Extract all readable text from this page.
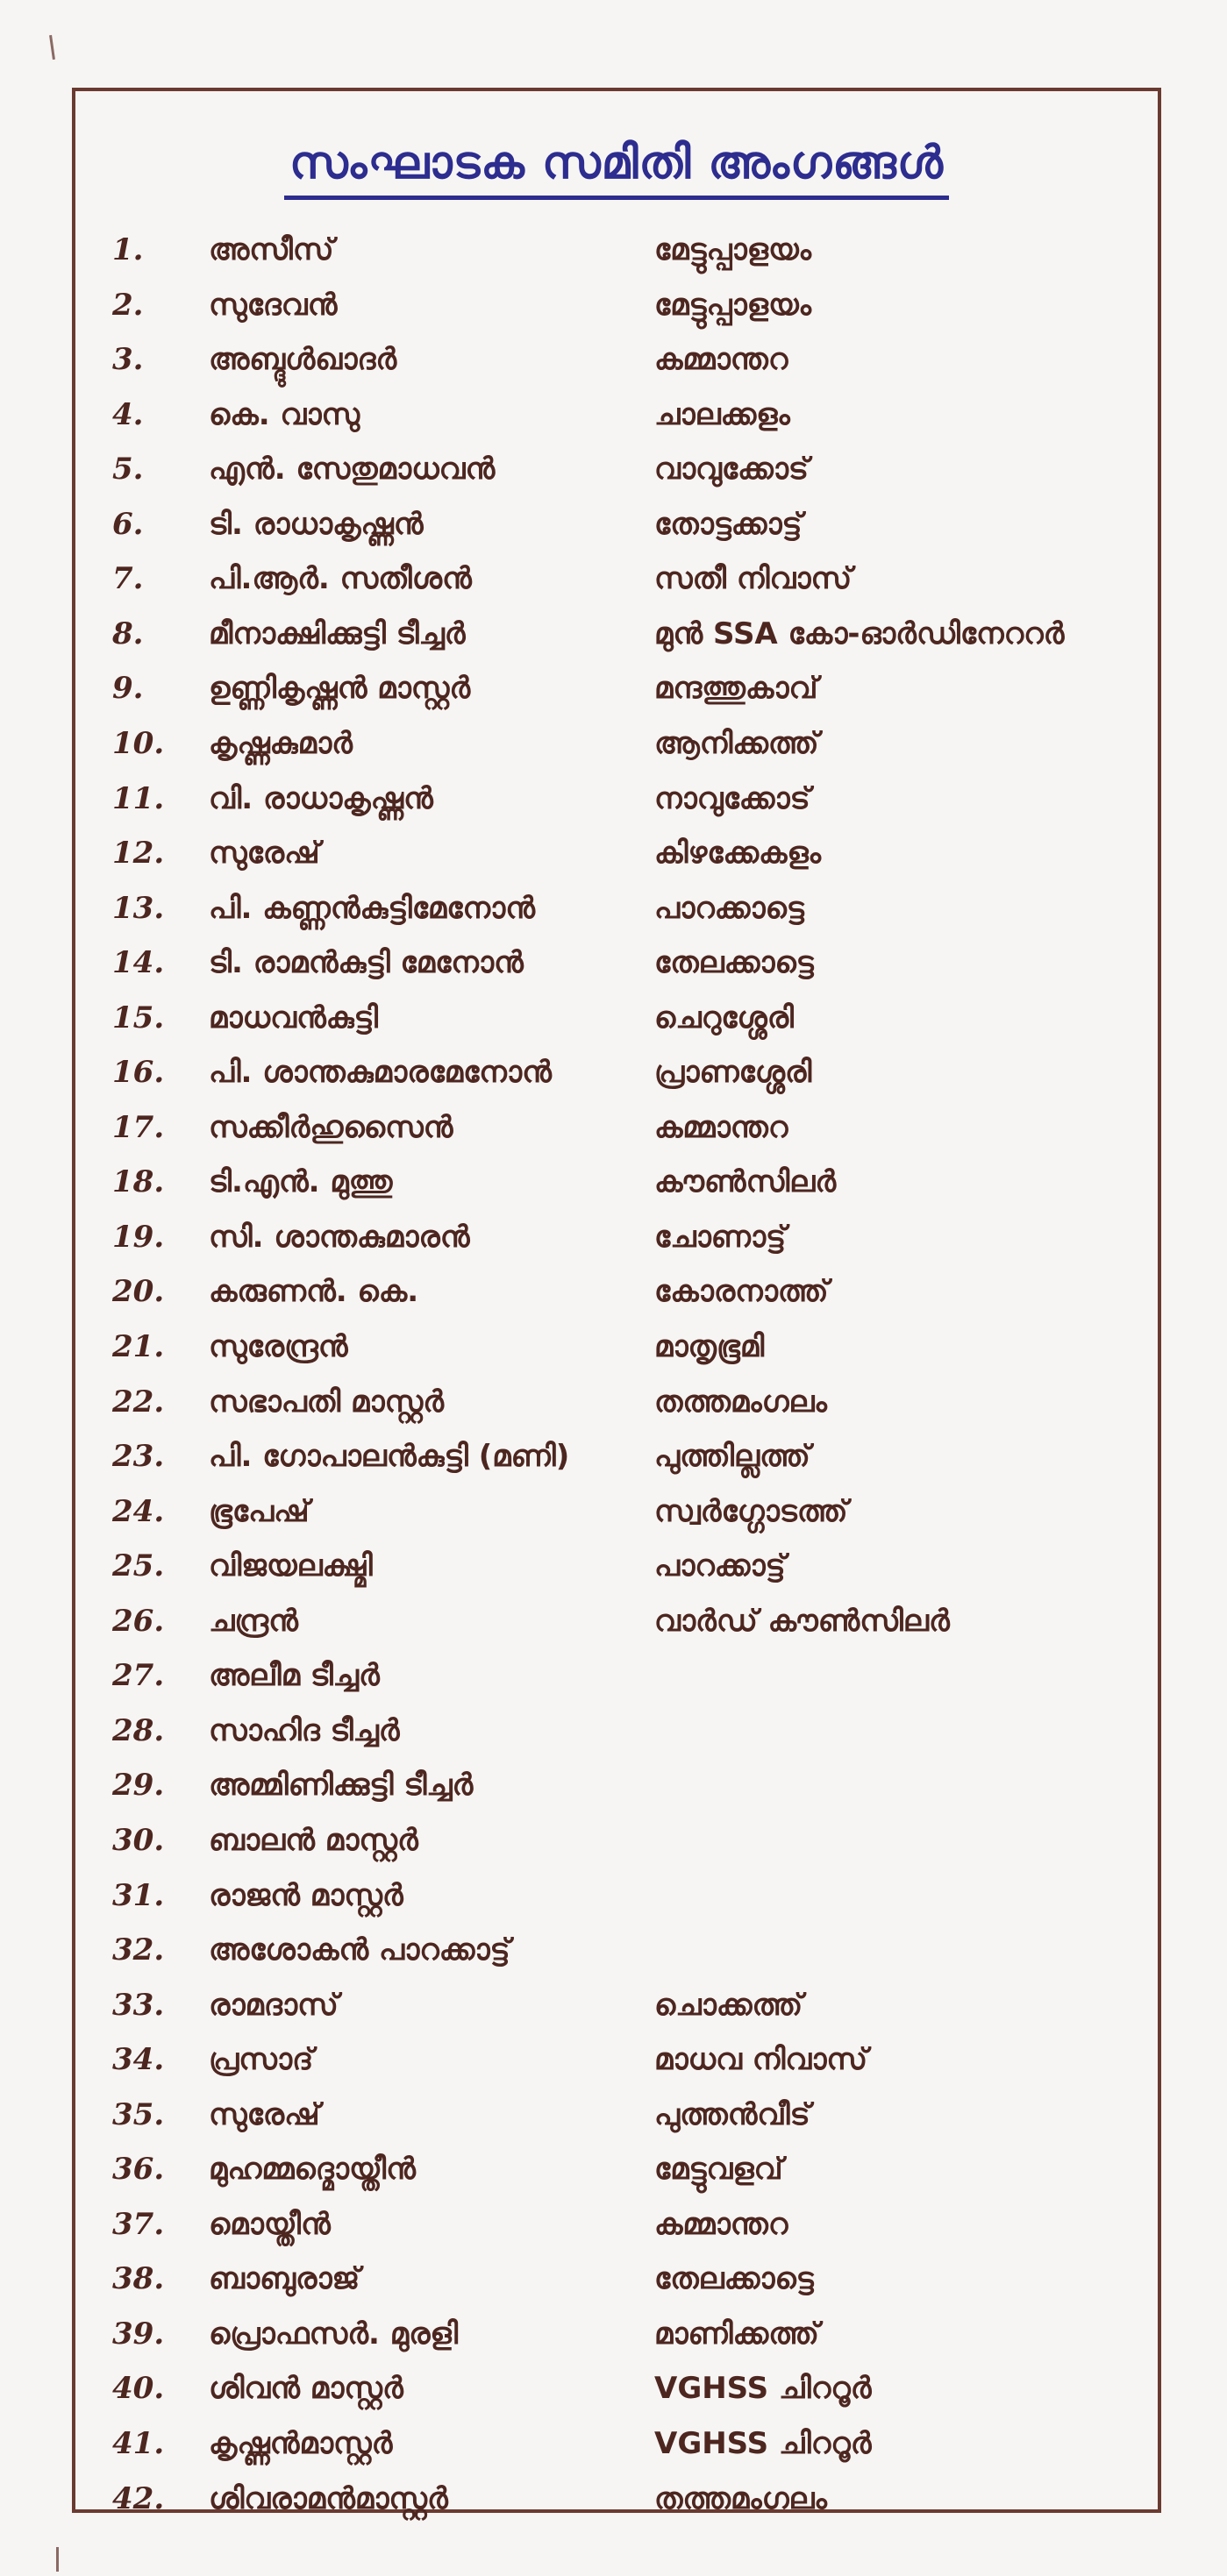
സംഘാടക സമിതി അംഗങ്ങൾ
1.	അസീസ്	മേട്ടുപ്പാളയം
2.	സുദേവൻ	മേട്ടുപ്പാളയം
3.	അബ്ദുൾഖാദർ	കമ്മാന്തറ
4.	കെ. വാസു	ചാലക്കളം
5.	എൻ. സേതുമാധവൻ	വാവുക്കോട്
6.	ടി. രാധാകൃഷ്ണൻ	തോട്ടക്കാട്ട്
7.	പി.ആർ. സതീശൻ	സതീ നിവാസ്
8.	മീനാക്ഷിക്കുട്ടി ടീച്ചർ	മുൻ SSA കോ-ഓർഡിനേററർ
9.	ഉണ്ണികൃഷ്ണൻ മാസ്റ്റർ	മന്ദത്തുകാവ്
10.	കൃഷ്ണകുമാർ	ആനിക്കത്ത്
11.	വി. രാധാകൃഷ്ണൻ	നാവുക്കോട്
12.	സുരേഷ്	കിഴക്കേകളം
13.	പി. കണ്ണൻകുട്ടിമേനോൻ	പാറക്കാട്ടെ
14.	ടി. രാമൻകുട്ടി മേനോൻ	തേലക്കാട്ടെ
15.	മാധവൻകുട്ടി	ചെറുശ്ശേരി
16.	പി. ശാന്തകുമാരമേനോൻ	പ്രാണശ്ശേരി
17.	സക്കീർഹുസൈൻ	കമ്മാന്തറ
18.	ടി.എൻ. മുത്തു	കൗൺസിലർ
19.	സി. ശാന്തകുമാരൻ	ചോണാട്ട്
20.	കരുണൻ. കെ.	കോരനാത്ത്
21.	സുരേന്ദ്രൻ	മാതൃഭൂമി
22.	സഭാപതി മാസ്റ്റർ	തത്തമംഗലം
23.	പി. ഗോപാലൻകുട്ടി (മണി)	പുത്തില്ലത്ത്
24.	ഭൂപേഷ്	സ്വർഗ്ഗോടത്ത്
25.	വിജയലക്ഷ്മി	പാറക്കാട്ട്
26.	ചന്ദ്രൻ	വാർഡ് കൗൺസിലർ
27.	അലീമ ടീച്ചർ
28.	സാഹിദ ടീച്ചർ
29.	അമ്മിണിക്കുട്ടി ടീച്ചർ
30.	ബാലൻ മാസ്റ്റർ
31.	രാജൻ മാസ്റ്റർ
32.	അശോകൻ പാറക്കാട്ട്
33.	രാമദാസ്	ചൊക്കത്ത്
34.	പ്രസാദ്	മാധവ നിവാസ്
35.	സുരേഷ്	പുത്തൻവീട്
36.	മുഹമ്മദ്മൊയ്തീൻ	മേട്ടുവളവ്
37.	മൊയ്തീൻ	കമ്മാന്തറ
38.	ബാബുരാജ്	തേലക്കാട്ടെ
39.	പ്രൊഫസർ. മുരളി	മാണിക്കത്ത്
40.	ശിവൻ മാസ്റ്റർ	VGHSS ചിററൂർ
41.	കൃഷ്ണൻമാസ്റ്റർ	VGHSS ചിററൂർ
42.	ശിവരാമൻമാസ്റ്റർ	തത്തമംഗലം
